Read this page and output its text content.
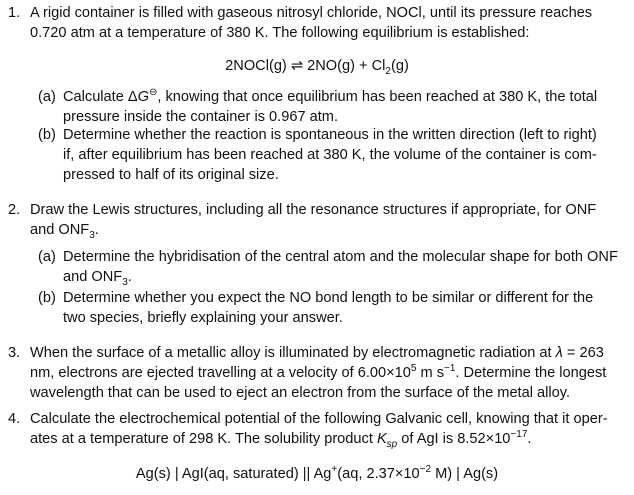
1. A rigid container is filled with gaseous nitrosyl chloride, NOCl, until its pressure reaches
0.720 atm at a temperature of 380 K. The following equilibrium is established:
2NOCl(g) ⇌ $2NO(g) + Cl_2(g)$
(a) Calculate ΔG⊖, knowing that once equilibrium has been reached at 380 K, the total
pressure inside the container is 0.967 atm.
(b) Determine whether the reaction is spontaneous in the written direction (left to right)
if, after equilibrium has been reached at 380 K, the volume of the container is com-
pressed to half of its original size.
2. Draw the Lewis structures, including all the resonance structures if appropriate, for ONF
and $ONF_3$.
(a) Determine the hybridisation of the central atom and the molecular shape for both ONF
and $ONF_3$.
(b) Determine whether you expect the NO bond length to be similar or different for the
two species, briefly explaining your answer.
3. When the surface of a metallic alloy is illuminated by electromagnetic radiation at λ = 263
nm, electrons are ejected travelling at a velocity of $6.00\times 10^5$ m $s^{-1}$. Determine the longest
wavelength that can be used to eject an electron from the surface of the metal alloy.
4. Calculate the electrochemical potential of the following Galvanic cell, knowing that it oper-
ates at a temperature of 298 K. The solubility product $K_{sp}$ of AgI is $8.52\times 10^{-17}$.
Ag(s) | AgI(aq, saturated) || Ag+(aq, $2.37\times 10^{-2}$ M) | Ag(s)
